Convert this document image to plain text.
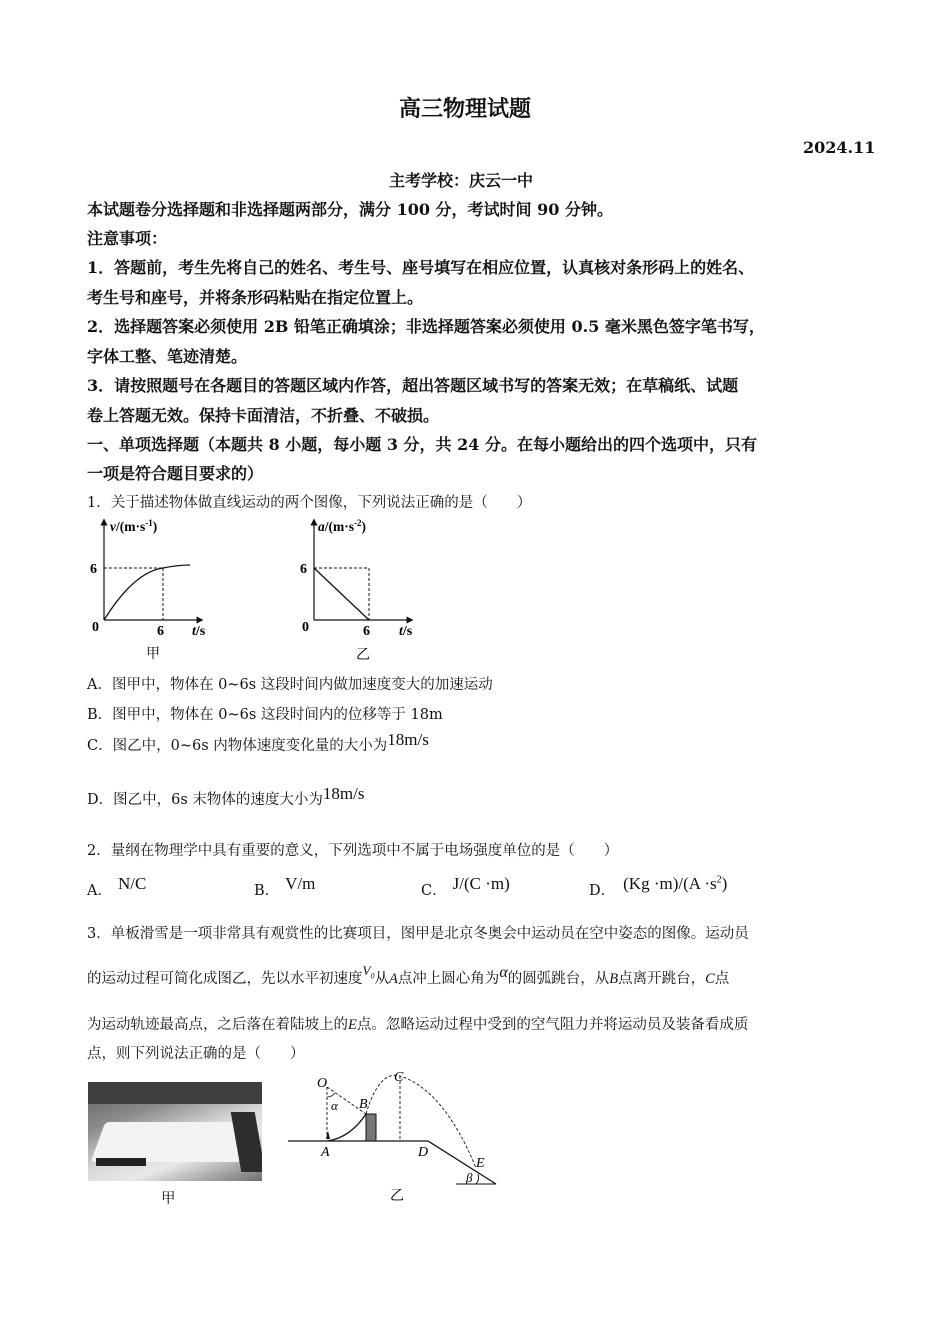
高三物理试题
2024.11
主考学校：庆云一中
本试题卷分选择题和非选择题两部分，满分 100 分，考试时间 90 分钟。
注意事项：
1．答题前，考生先将自己的姓名、考生号、座号填写在相应位置，认真核对条形码上的姓名、
考生号和座号，并将条形码粘贴在指定位置上。
2．选择题答案必须使用 2B 铅笔正确填涂；非选择题答案必须使用 0.5 毫米黑色签字笔书写，
字体工整、笔迹清楚。
3．请按照题号在各题目的答题区域内作答，超出答题区域书写的答案无效；在草稿纸、试题
卷上答题无效。保持卡面清洁，不折叠、不破损。
一、单项选择题（本题共 8 小题，每小题 3 分，共 24 分。在每小题给出的四个选项中，只有
一项是符合题目要求的）
1．关于描述物体做直线运动的两个图像，下列说法正确的是（　　）
$v/(m\cdot s^{-1})$
6
0	6 t/s
甲
$a/(m\cdot s^{-2})$
6
0	6 t/s
乙
A．图甲中，物体在 0~6s 这段时间内做加速度变大的加速运动
B．图甲中，物体在 0~6s 这段时间内的位移等于 18m
C．图乙中，0~6s 内物体速度变化量的大小为18m/s
D．图乙中，6s 末物体的速度大小为18m/s
2．量纲在物理学中具有重要的意义，下列选项中不属于电场强度单位的是（　　）
A． N/C	B． V/m	C． J/(C ·m)	D． $(Kg \cdot m)/(A \cdot s^2)$
3．单板滑雪是一项非常具有观赏性的比赛项目，图甲是北京冬奥会中运动员在空中姿态的图像。运动员
的运动过程可简化成图乙，先以水平初速度$V_0$从A点冲上圆心角为α的圆弧跳台，从B点离开跳台，C点
为运动轨迹最高点，之后落在着陆坡上的E点。忽略运动过程中受到的空气阻力并将运动员及装备看成质
点，则下列说法正确的是（　　）
甲
O
α B
C
A	D
E
β
乙
